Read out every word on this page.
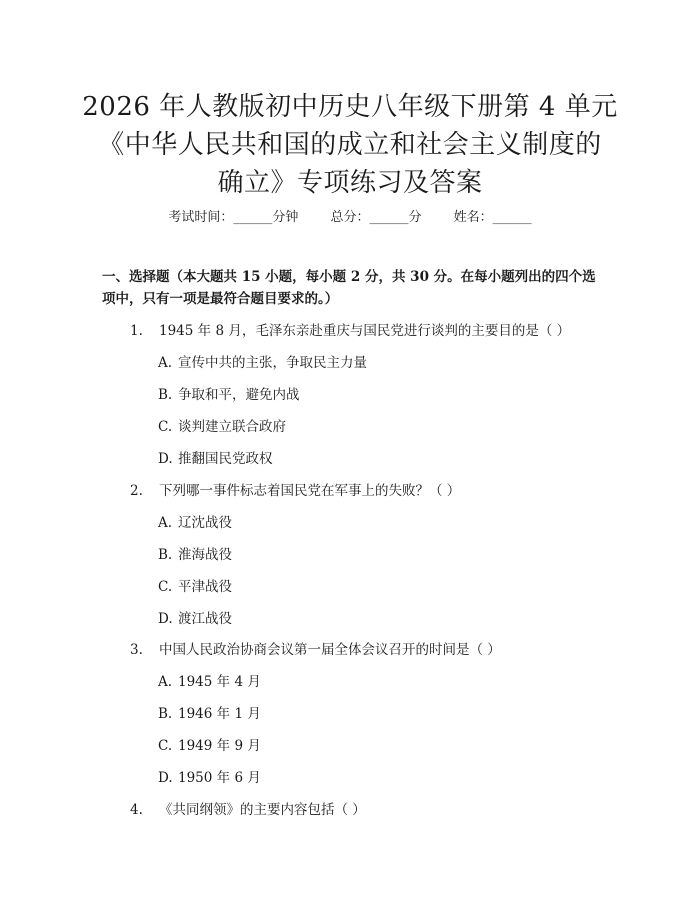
2026 年人教版初中历史八年级下册第 4 单元
《中华人民共和国的成立和社会主义制度的
确立》专项练习及答案
考试时间：______分钟 总分：______分 姓名：______
一、选择题（本大题共 15 小题，每小题 2 分，共 30 分。在每小题列出的四个选项中，只有一项是最符合题目要求的。）
1. 1945 年 8 月，毛泽东亲赴重庆与国民党进行谈判的主要目的是（ ）
A. 宣传中共的主张，争取民主力量
B. 争取和平，避免内战
C. 谈判建立联合政府
D. 推翻国民党政权
2. 下列哪一事件标志着国民党在军事上的失败？（ ）
A. 辽沈战役
B. 淮海战役
C. 平津战役
D. 渡江战役
3. 中国人民政治协商会议第一届全体会议召开的时间是（ ）
A. 1945 年 4 月
B. 1946 年 1 月
C. 1949 年 9 月
D. 1950 年 6 月
4. 《共同纲领》的主要内容包括（ ）
